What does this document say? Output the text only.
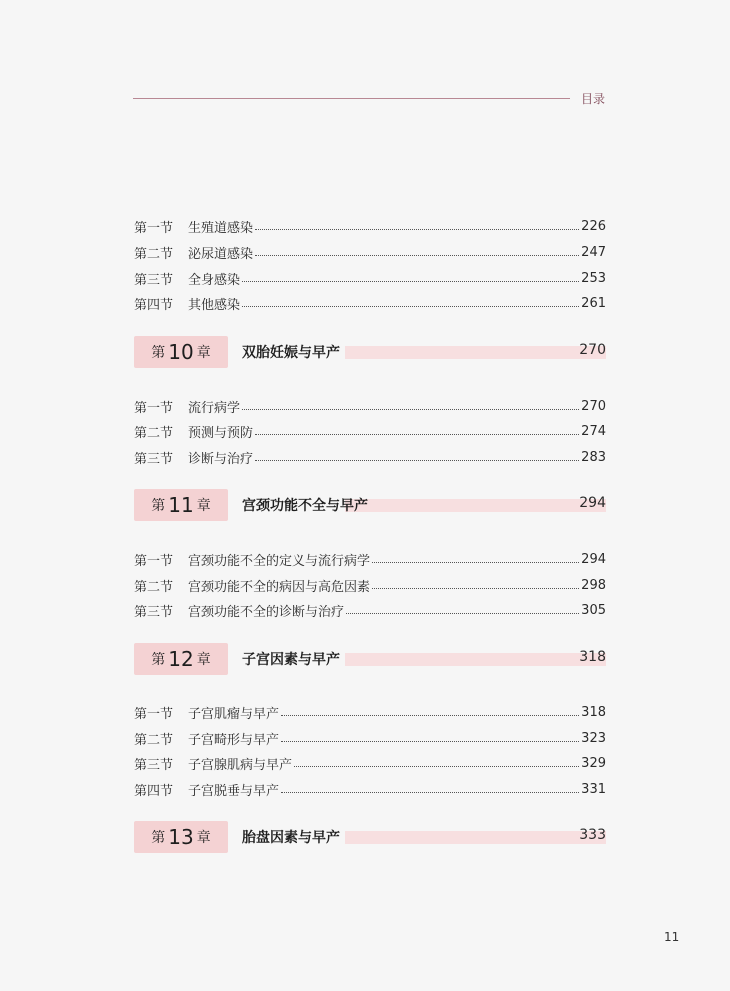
目录
第一节	生殖道感染	226
第二节	泌尿道感染	247
第三节	全身感染	253
第四节	其他感染	261
第 10 章 双胎妊娠与早产	270
第一节	流行病学	270
第二节	预测与预防	274
第三节	诊断与治疗	283
第 11 章 宫颈功能不全与早产	294
第一节	宫颈功能不全的定义与流行病学	294
第二节	宫颈功能不全的病因与高危因素	298
第三节	宫颈功能不全的诊断与治疗	305
第 12 章 子宫因素与早产	318
第一节	子宫肌瘤与早产	318
第二节	子宫畸形与早产	323
第三节	子宫腺肌病与早产	329
第四节	子宫脱垂与早产	331
第 13 章 胎盘因素与早产	333
11
